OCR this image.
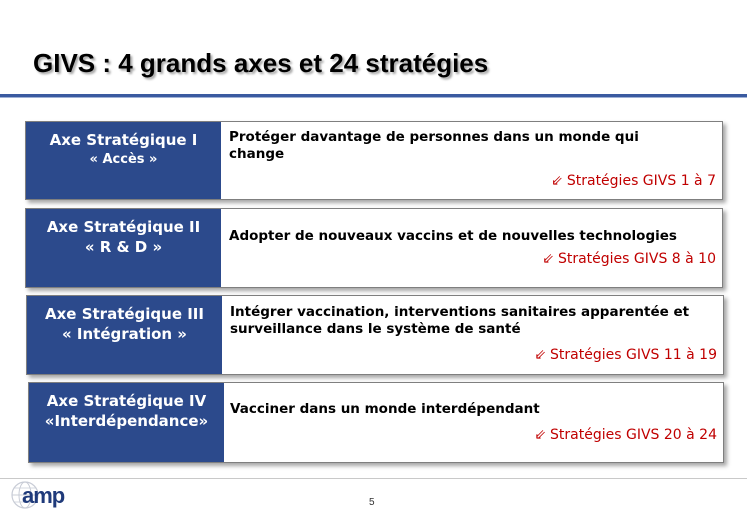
GIVS : 4 grands axes et 24 stratégies
Axe Stratégique I
« Accès »
Protéger davantage de personnes dans un monde qui change
⇙ Stratégies GIVS 1 à 7
Axe Stratégique II
« R & D »
Adopter de nouveaux vaccins et de nouvelles technologies
⇙ Stratégies GIVS 8 à 10
Axe Stratégique III
« Intégration »
Intégrer vaccination, interventions sanitaires apparentée et surveillance dans le système de santé
⇙ Stratégies GIVS 11 à 19
Axe Stratégique IV
«Interdépendance»
Vacciner dans un monde interdépendant
⇙ Stratégies GIVS 20 à 24
amp	5
